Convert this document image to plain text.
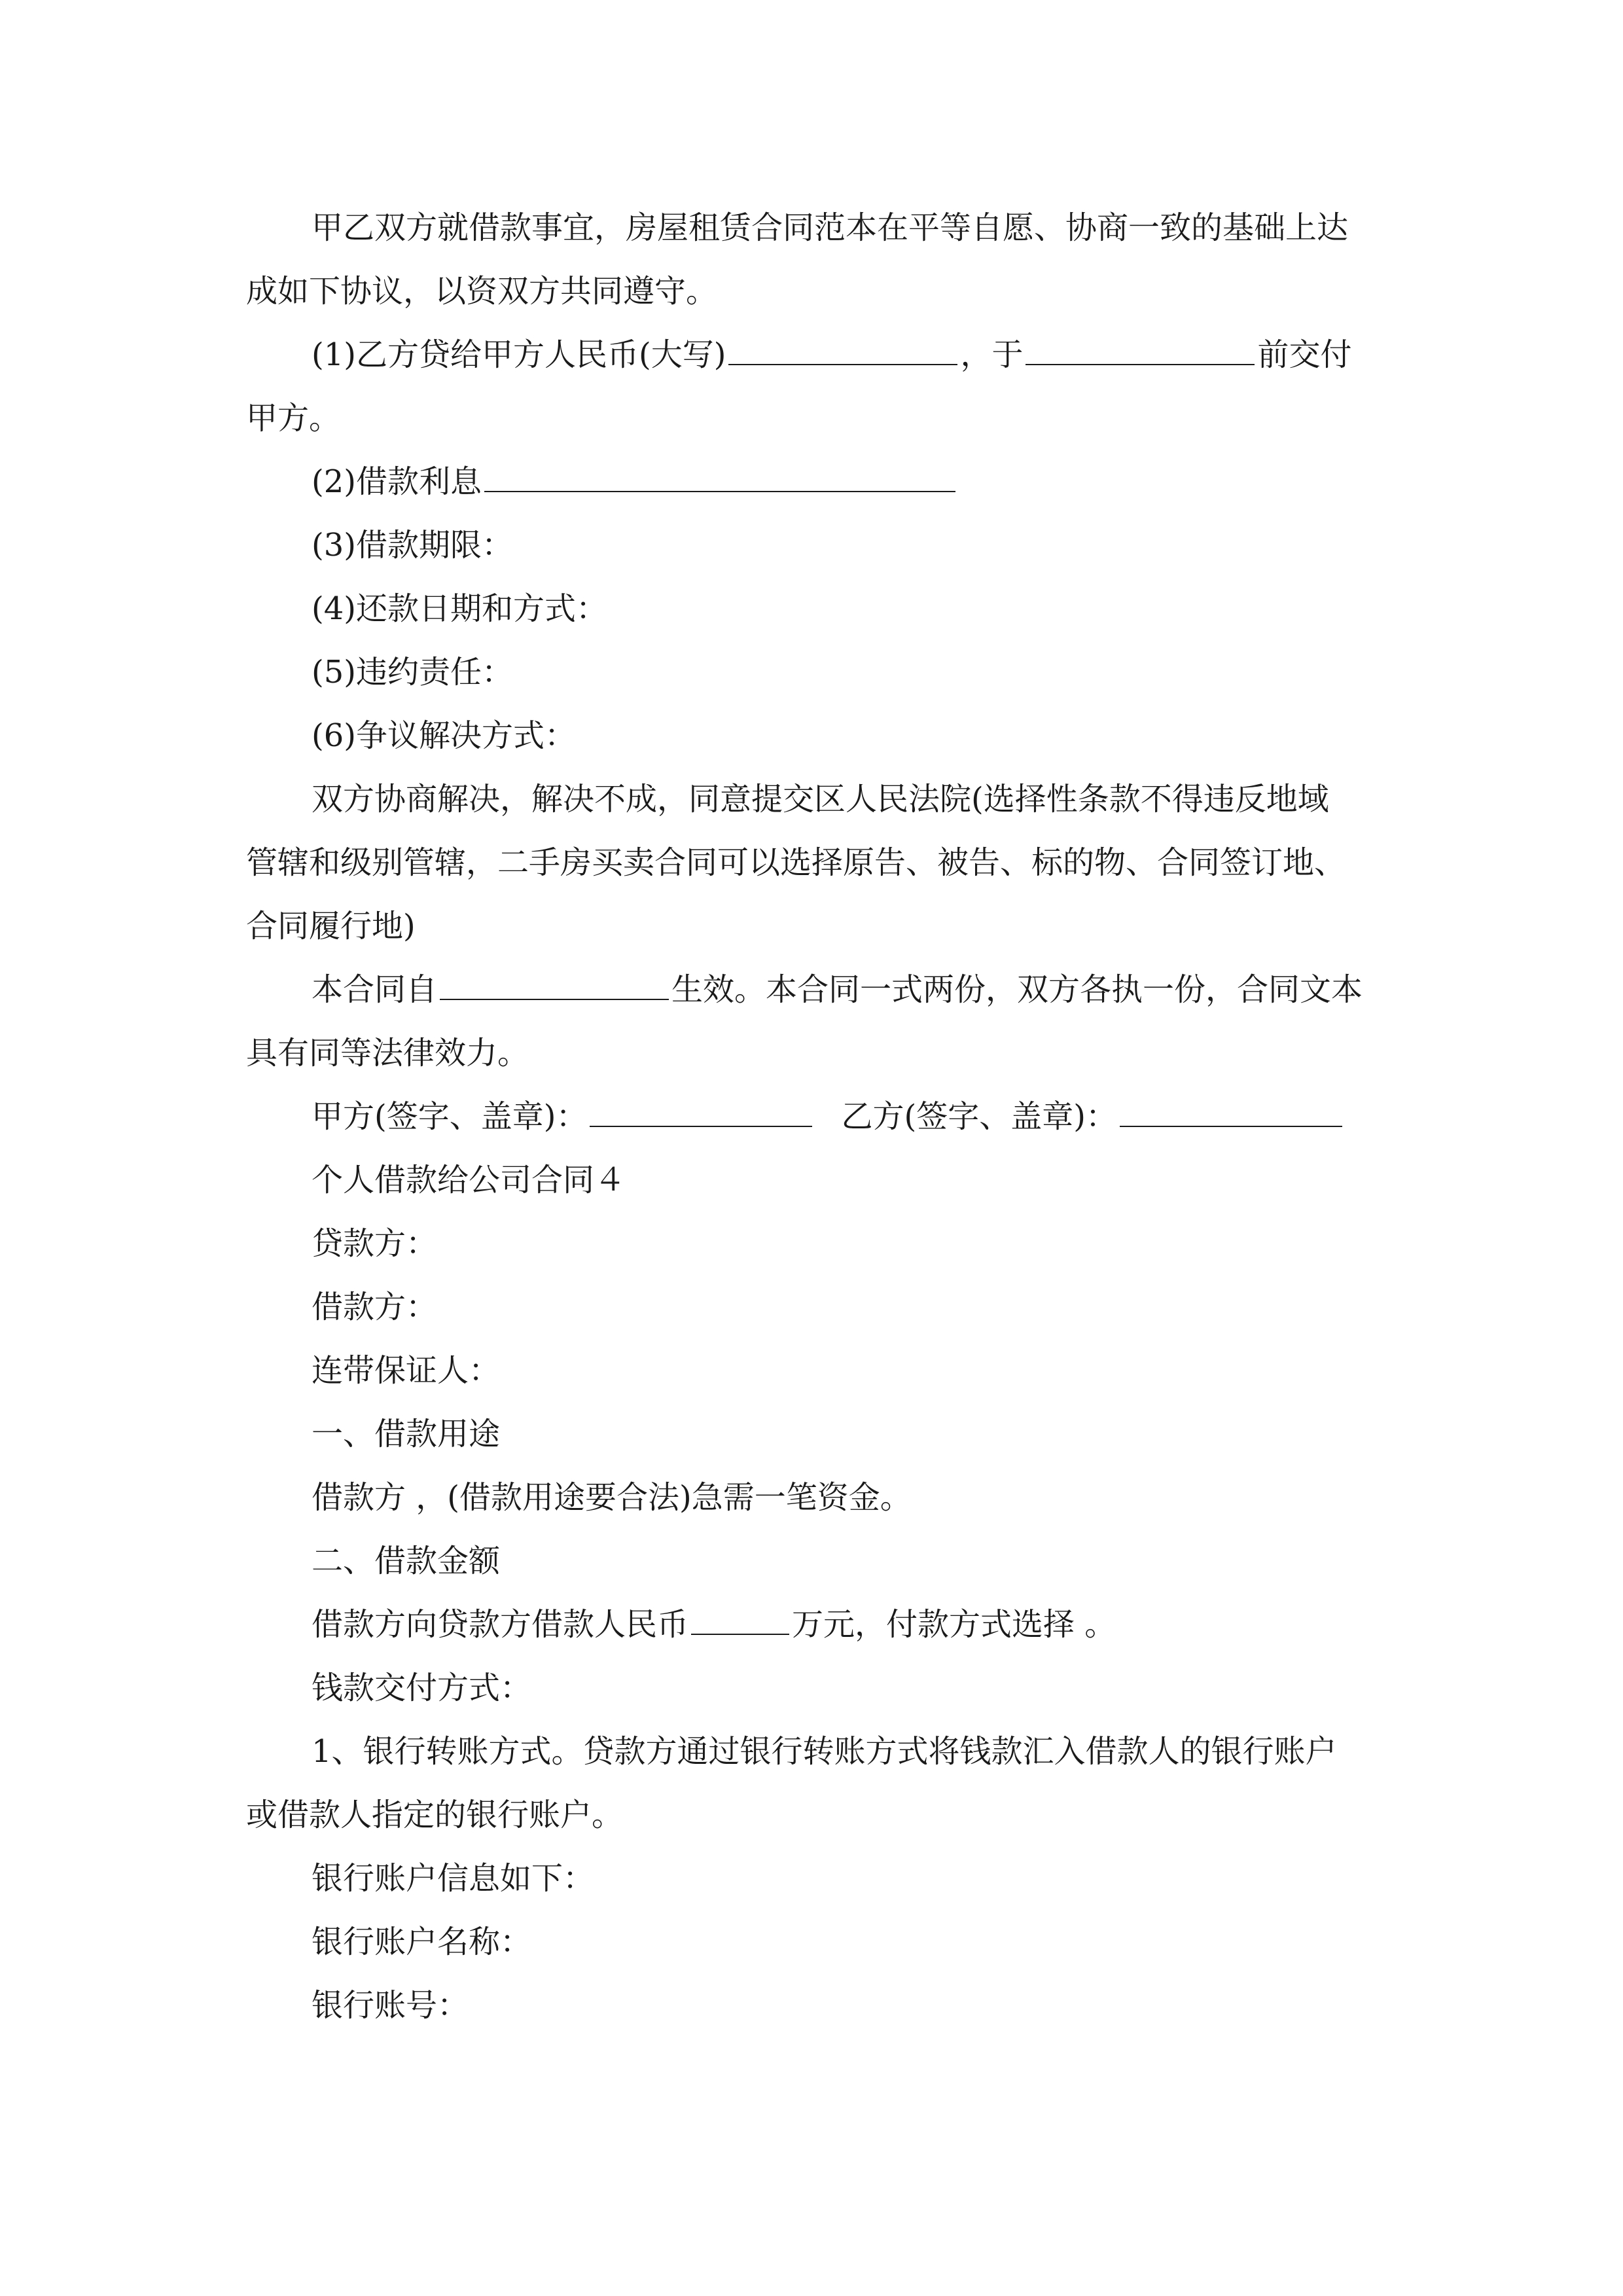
甲乙双方就借款事宜，房屋租赁合同范本在平等自愿、协商一致的基础上达

成如下协议，以资双方共同遵守。

(1)乙方贷给甲方人民币(大写)	，于	前交付

甲方。

(2)借款利息

(3)借款期限：

(4)还款日期和方式：

(5)违约责任：

(6)争议解决方式：

双方协商解决，解决不成，同意提交区人民法院(选择性条款不得违反地域

管辖和级别管辖，二手房买卖合同可以选择原告、被告、标的物、合同签订地、

合同履行地)

本合同自	生效。本合同一式两份，双方各执一份，合同文本

具有同等法律效力。

甲方(签字、盖章)：	乙方(签字、盖章)：

个人借款给公司合同４

贷款方：

借款方：

连带保证人：

一、借款用途

借款方 ，(借款用途要合法)急需一笔资金。

二、借款金额

借款方向贷款方借款人民币	万元，付款方式选择 。

钱款交付方式：

1、银行转账方式。贷款方通过银行转账方式将钱款汇入借款人的银行账户

或借款人指定的银行账户。

银行账户信息如下：

银行账户名称：

银行账号：
